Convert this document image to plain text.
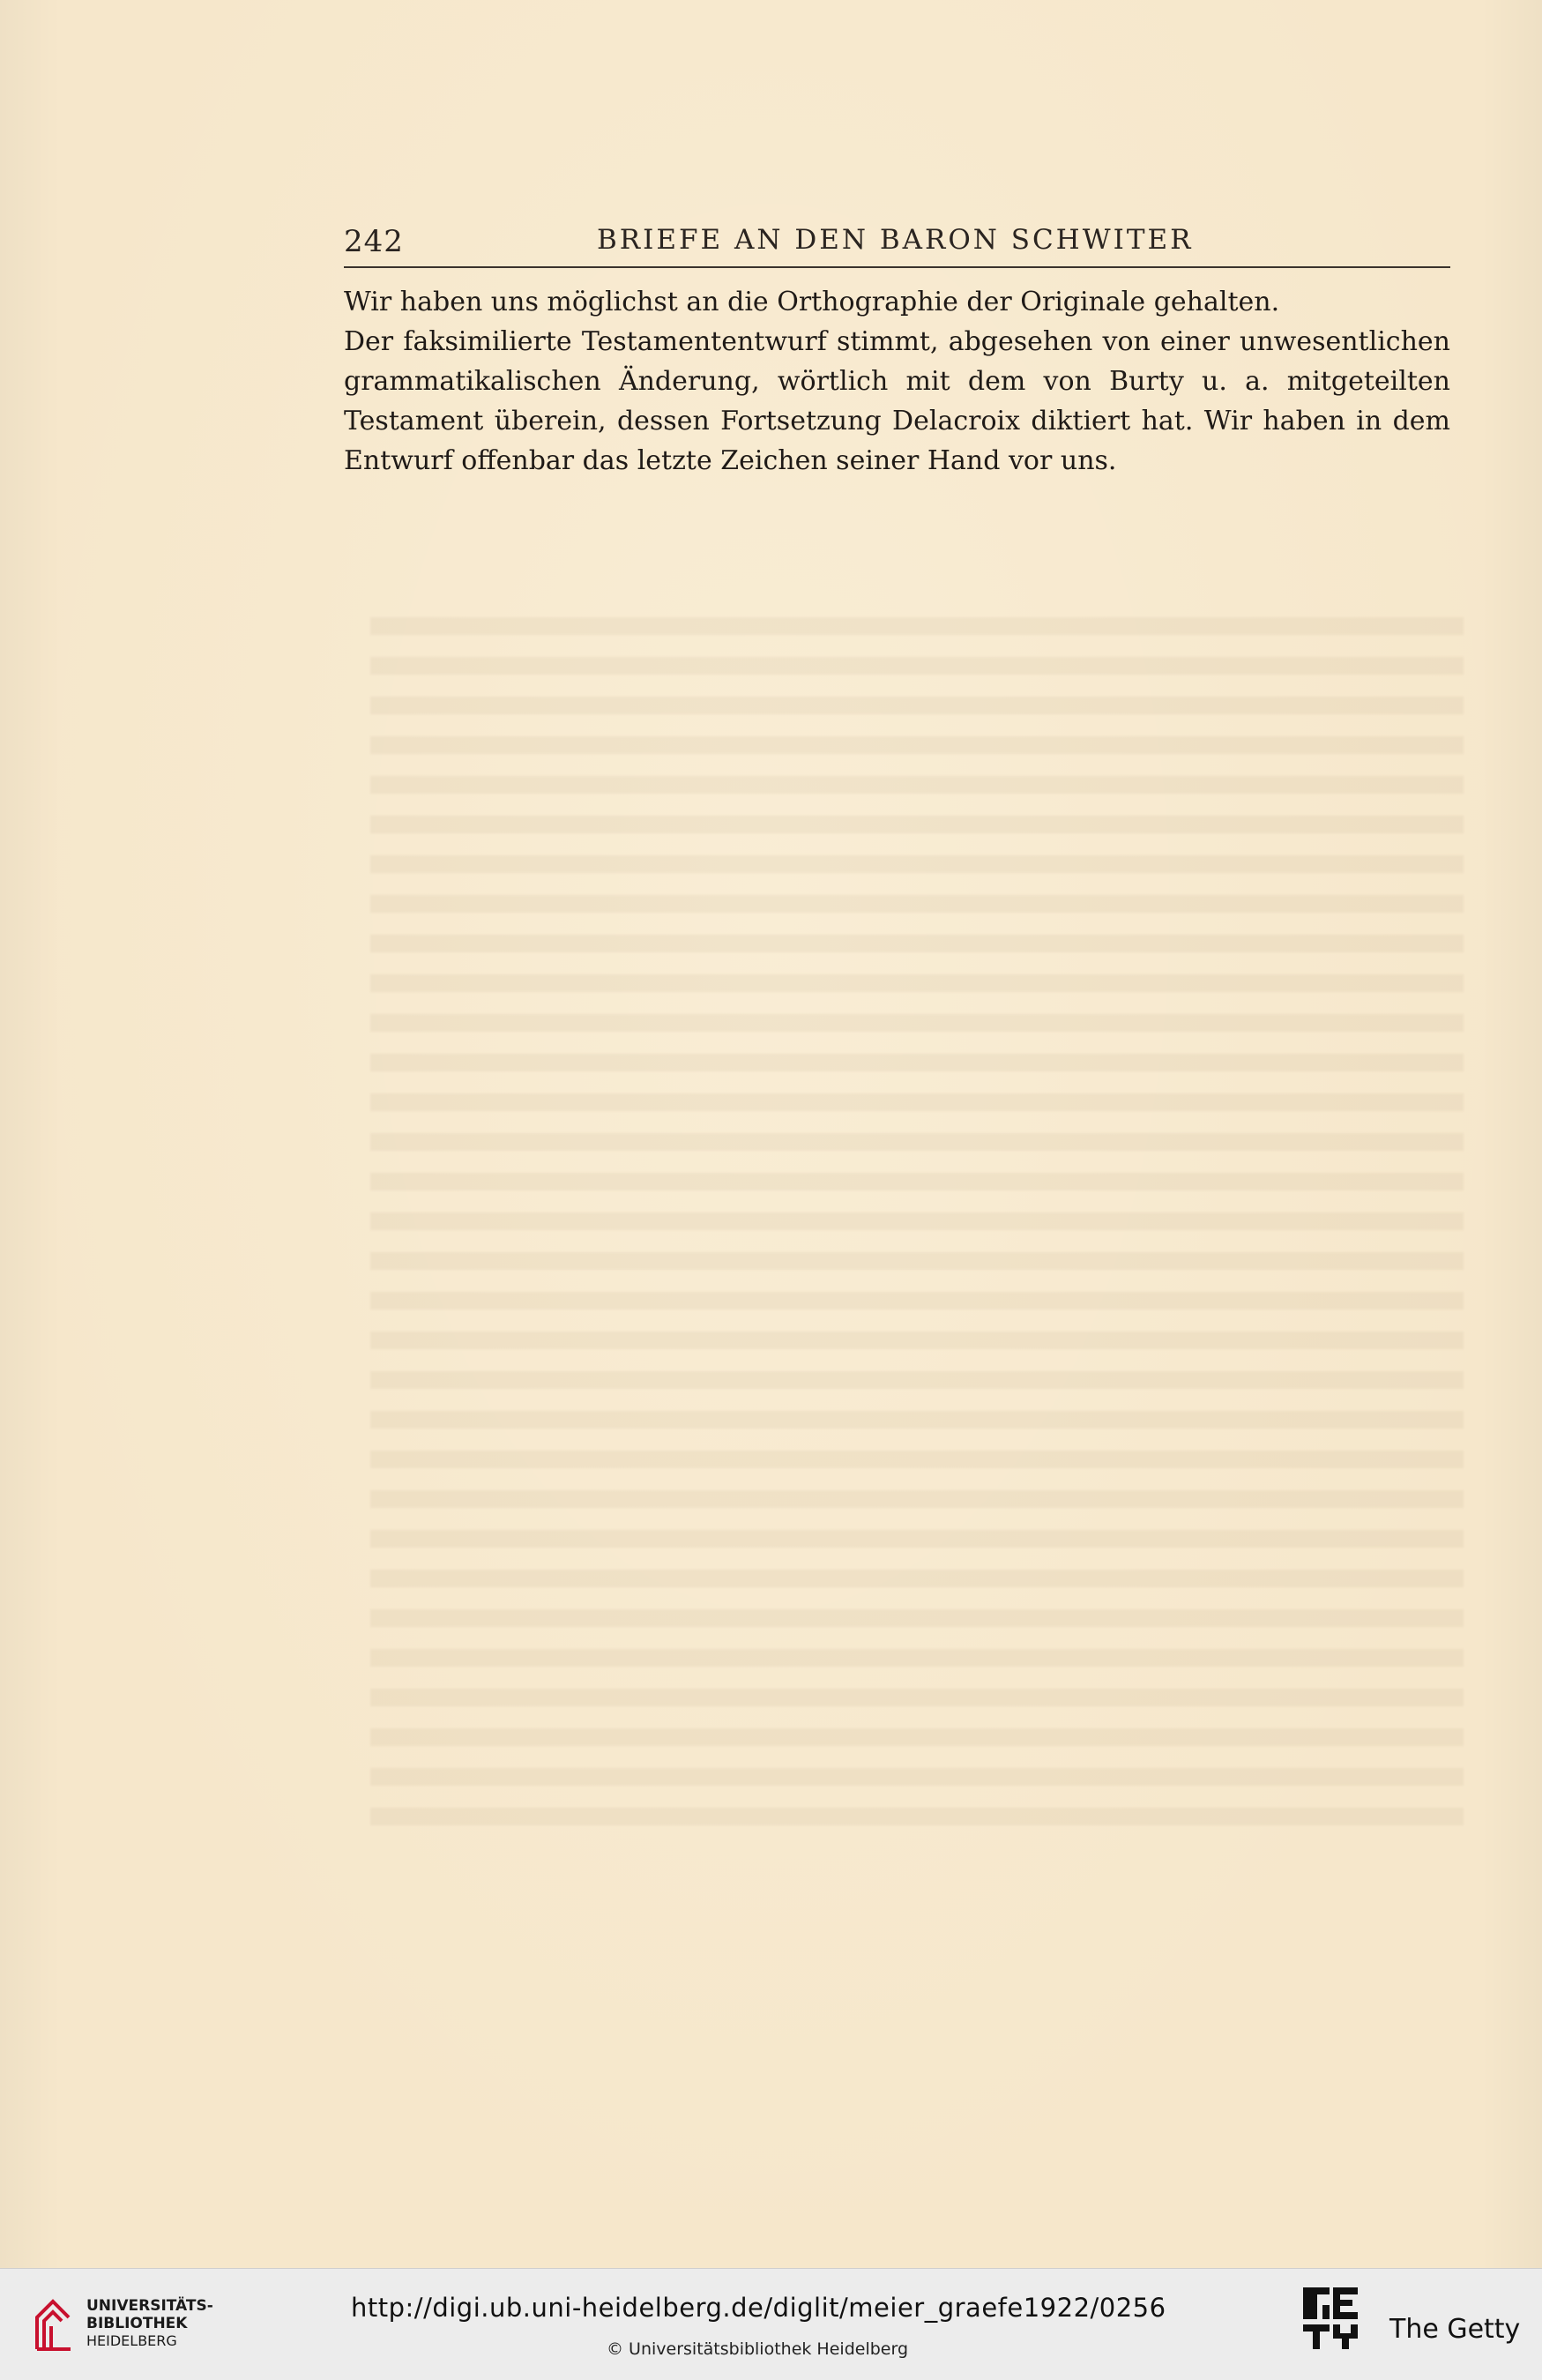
242	BRIEFE AN DEN BARON SCHWITER

Wir haben uns möglichst an die Orthographie der Originale gehalten.

Der faksimilierte Testamententwurf stimmt, abgesehen von einer unwesentlichen grammatikalischen Änderung, wörtlich mit dem von Burty u. a. mitgeteilten Testament überein, dessen Fortsetzung Delacroix diktiert hat. Wir haben in dem Entwurf offenbar das letzte Zeichen seiner Hand vor uns.

UNIVERSITÄTS-
BIBLIOTHEK
HEIDELBERG
http://digi.ub.uni-heidelberg.de/diglit/meier_graefe1922/0256
© Universitätsbibliothek Heidelberg
The Getty
